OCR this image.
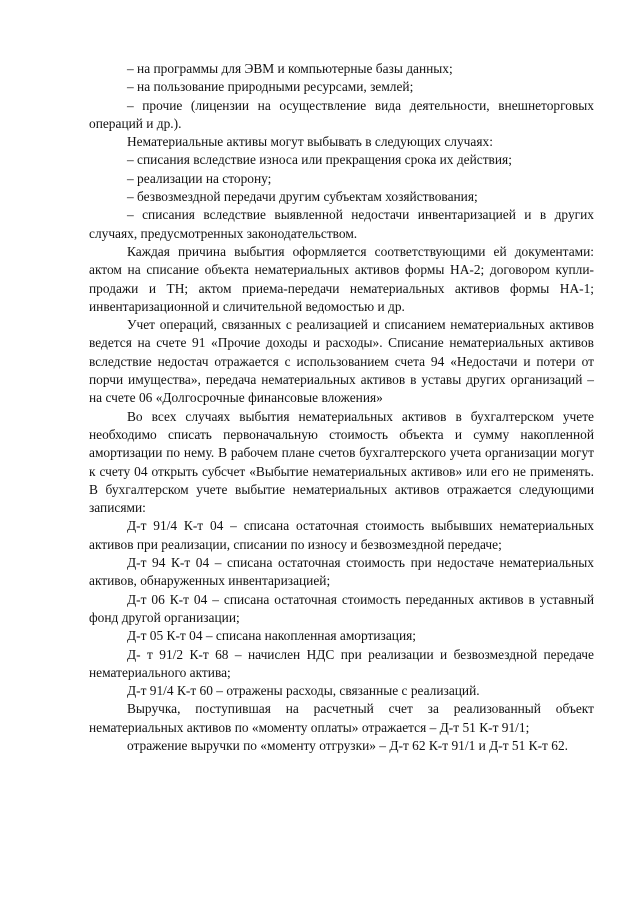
– на программы для ЭВМ и компьютерные базы данных;

– на пользование природными ресурсами, землей;

– прочие (лицензии на осуществление вида деятельности, внешнеторговых операций и др.).

Нематериальные активы могут выбывать в следующих случаях:

– списания вследствие износа или прекращения срока их действия;

– реализации на сторону;

– безвозмездной передачи другим субъектам хозяйствования;

– списания вследствие выявленной недостачи инвентаризацией и в других случаях, предусмотренных законодательством.

Каждая причина выбытия оформляется соответствующими ей документами: актом на списание объекта нематериальных активов формы НА-2; договором купли-продажи и ТН; актом приема-передачи нематериальных активов формы НА-1; инвентаризационной и сличительной ведомостью и др.

Учет операций, связанных с реализацией и списанием нематериальных активов ведется на счете 91 «Прочие доходы и расходы». Списание нематериальных активов вследствие недостач отражается с использованием счета 94 «Недостачи и потери от порчи имущества», передача нематериальных активов в уставы других организаций – на счете 06 «Долгосрочные финансовые вложения»

Во всех случаях выбытия нематериальных активов в бухгалтерском учете необходимо списать первоначальную стоимость объекта и сумму накопленной амортизации по нему. В рабочем плане счетов бухгалтерского учета организации могут к счету 04 открыть субсчет «Выбытие нематериальных активов» или его не применять. В бухгалтерском учете выбытие нематериальных активов отражается следующими записями:

Д-т 91/4 К-т 04 – списана остаточная стоимость выбывших нематериальных активов при реализации, списании по износу и безвозмездной передаче;

Д-т 94 К-т 04 – списана остаточная стоимость при недостаче нематериальных активов, обнаруженных инвентаризацией;

Д-т 06 К-т 04 – списана остаточная стоимость переданных активов в уставный фонд другой организации;

Д-т 05 К-т 04 – списана накопленная амортизация;

Д- т 91/2 К-т 68 – начислен НДС при реализации и безвозмездной передаче нематериального актива;

Д-т 91/4 К-т 60 – отражены расходы, связанные с реализаций.

Выручка, поступившая на расчетный счет за реализованный объект нематериальных активов по «моменту оплаты» отражается – Д-т 51 К-т 91/1;

отражение выручки по «моменту отгрузки» – Д-т 62 К-т 91/1 и Д-т 51 К-т 62.
